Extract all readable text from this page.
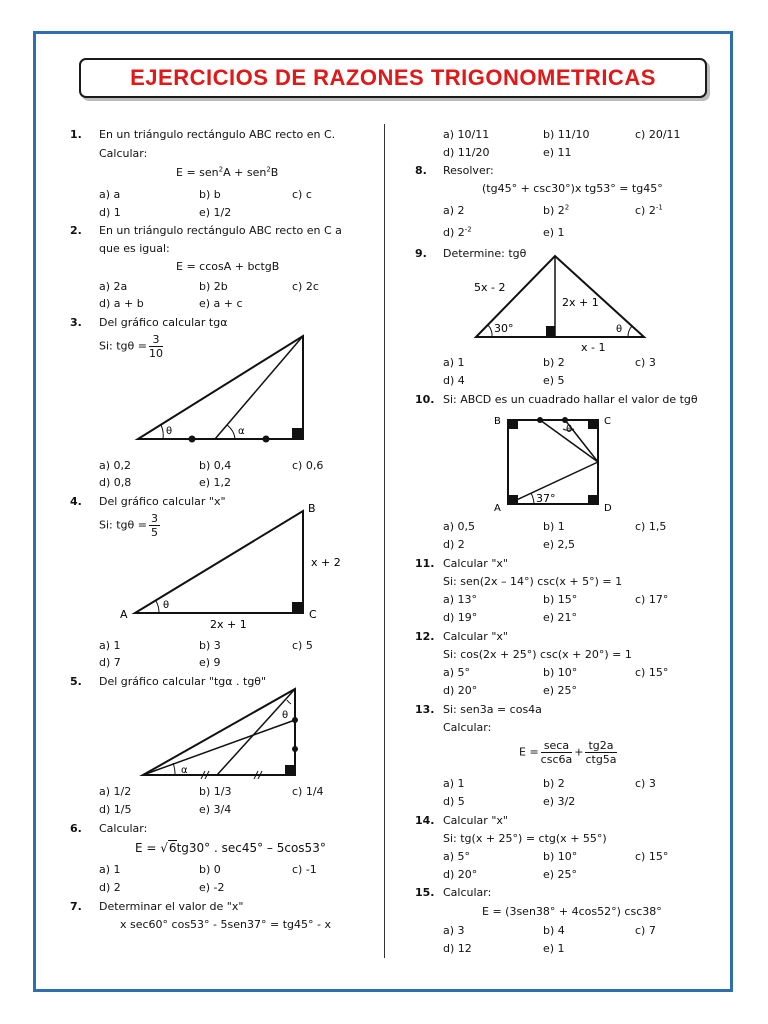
EJERCICIOS DE RAZONES TRIGONOMETRICAS
1. En un triángulo rectángulo ABC recto en C.
Calcular:
E = sen$^2$A + sen$^2$B
a) a	b) b	c) c
d) 1	e) 1/2
2. En un triángulo rectángulo ABC recto en C a
que es igual:
E = ccosA + bctgB
a) 2a	b) 2b	c) 2c
d) a + b	e) a + c
3. Del gráfico calcular tgα
Si: $tg\theta = \frac{3}{10}$
θ	α
a) 0,2	b) 0,4	c) 0,6
d) 0,8	e) 1,2
4. Del gráfico calcular "x"
Si: $tg\theta = \frac{3}{5}$
θ
A
B
C
x + 2
2x + 1
a) 1	b) 3	c) 5
d) 7	e) 9
5. Del gráfico calcular "tgα . tgθ"
α
θ
a) 1/2	b) 1/3	c) 1/4
d) 1/5	e) 3/4
6. Calcular:
E = √6tg30° . sec45° – 5cos53°
a) 1	b) 0	c) -1
d) 2	e) -2
7. Determinar el valor de "x"
x sec60° cos53° - 5sen37° = tg45° - x
a) 10/11	b) 11/10	c) 20/11
d) 11/20	e) 11
8. Resolver:
(tg45° + csc30°)x tg53° = tg45°
a) 2	b) $2^2$	c) $2^{-1}$
d) $2^{-2}$	e) 1
9. Determine: tgθ
30°	θ
5x - 2
2x + 1
x - 1
a) 1	b) 2	c) 3
d) 4	e) 5
10. Si: ABCD es un cuadrado hallar el valor de tgθ
B	C
A	D
37°
θ
a) 0,5	b) 1	c) 1,5
d) 2	e) 2,5
11. Calcular "x"
Si: sen(2x – 14°) csc(x + 5°) = 1
a) 13°	b) 15°	c) 17°
d) 19°	e) 21°
12. Calcular "x"
Si: cos(2x + 25°) csc(x + 20°) = 1
a) 5°	b) 10°	c) 15°
d) 20°	e) 25°
13. Si: sen3a = cos4a
Calcular:
$E = \frac{\sec a}{\csc 6a} + \frac{tg2a}{\text{ctg5a}}$
a) 1	b) 2	c) 3
d) 5	e) 3/2
14. Calcular "x"
Si: tg(x + 25°) = ctg(x + 55°)
a) 5°	b) 10°	c) 15°
d) 20°	e) 25°
15. Calcular:
E = (3sen38° + 4cos52°) csc38°
a) 3	b) 4	c) 7
d) 12	e) 1
